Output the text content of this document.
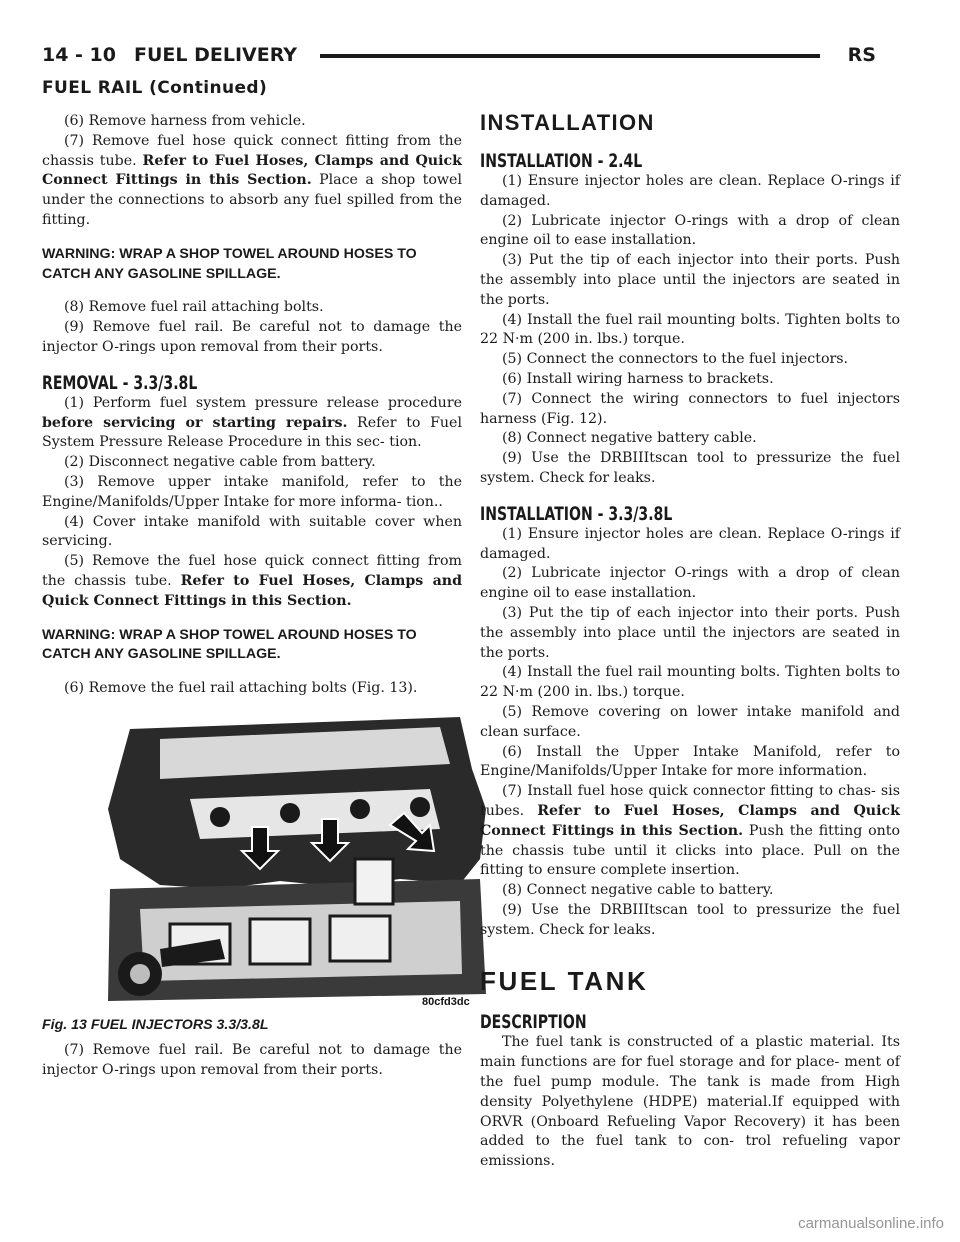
14 - 10 FUEL DELIVERY	RS
FUEL RAIL (Continued)

(6) Remove harness from vehicle.

(7) Remove fuel hose quick connect fitting from the chassis tube. Refer to Fuel Hoses, Clamps and Quick Connect Fittings in this Section. Place a shop towel under the connections to absorb any fuel spilled from the fitting.

WARNING: WRAP A SHOP TOWEL AROUND HOSES TO CATCH ANY GASOLINE SPILLAGE.

(8) Remove fuel rail attaching bolts.

(9) Remove fuel rail. Be careful not to damage the injector O-rings upon removal from their ports.

REMOVAL - 3.3/3.8L

(1) Perform fuel system pressure release procedure before servicing or starting repairs. Refer to Fuel System Pressure Release Procedure in this sec- tion.

(2) Disconnect negative cable from battery.

(3) Remove upper intake manifold, refer to the Engine/Manifolds/Upper Intake for more informa- tion..

(4) Cover intake manifold with suitable cover when servicing.

(5) Remove the fuel hose quick connect fitting from the chassis tube. Refer to Fuel Hoses, Clamps and Quick Connect Fittings in this Section.

WARNING: WRAP A SHOP TOWEL AROUND HOSES TO CATCH ANY GASOLINE SPILLAGE.

(6) Remove the fuel rail attaching bolts (Fig. 13).

80cfd3dc

Fig. 13 FUEL INJECTORS 3.3/3.8L

(7) Remove fuel rail. Be careful not to damage the injector O-rings upon removal from their ports.

INSTALLATION

INSTALLATION - 2.4L

(1) Ensure injector holes are clean. Replace O-rings if damaged.

(2) Lubricate injector O-rings with a drop of clean engine oil to ease installation.

(3) Put the tip of each injector into their ports. Push the assembly into place until the injectors are seated in the ports.

(4) Install the fuel rail mounting bolts. Tighten bolts to 22 N·m (200 in. lbs.) torque.

(5) Connect the connectors to the fuel injectors.

(6) Install wiring harness to brackets.

(7) Connect the wiring connectors to fuel injectors harness (Fig. 12).

(8) Connect negative battery cable.

(9) Use the DRBIIItscan tool to pressurize the fuel system. Check for leaks.

INSTALLATION - 3.3/3.8L

(1) Ensure injector holes are clean. Replace O-rings if damaged.

(2) Lubricate injector O-rings with a drop of clean engine oil to ease installation.

(3) Put the tip of each injector into their ports. Push the assembly into place until the injectors are seated in the ports.

(4) Install the fuel rail mounting bolts. Tighten bolts to 22 N·m (200 in. lbs.) torque.

(5) Remove covering on lower intake manifold and clean surface.

(6) Install the Upper Intake Manifold, refer to Engine/Manifolds/Upper Intake for more information.

(7) Install fuel hose quick connector fitting to chas- sis tubes. Refer to Fuel Hoses, Clamps and Quick Connect Fittings in this Section. Push the fitting onto the chassis tube until it clicks into place. Pull on the fitting to ensure complete insertion.

(8) Connect negative cable to battery.

(9) Use the DRBIIItscan tool to pressurize the fuel system. Check for leaks.

FUEL TANK

DESCRIPTION

The fuel tank is constructed of a plastic material. Its main functions are for fuel storage and for place- ment of the fuel pump module. The tank is made from High density Polyethylene (HDPE) material.If equipped with ORVR (Onboard Refueling Vapor Recovery) it has been added to the fuel tank to con- trol refueling vapor emissions.

carmanualsonline.info
